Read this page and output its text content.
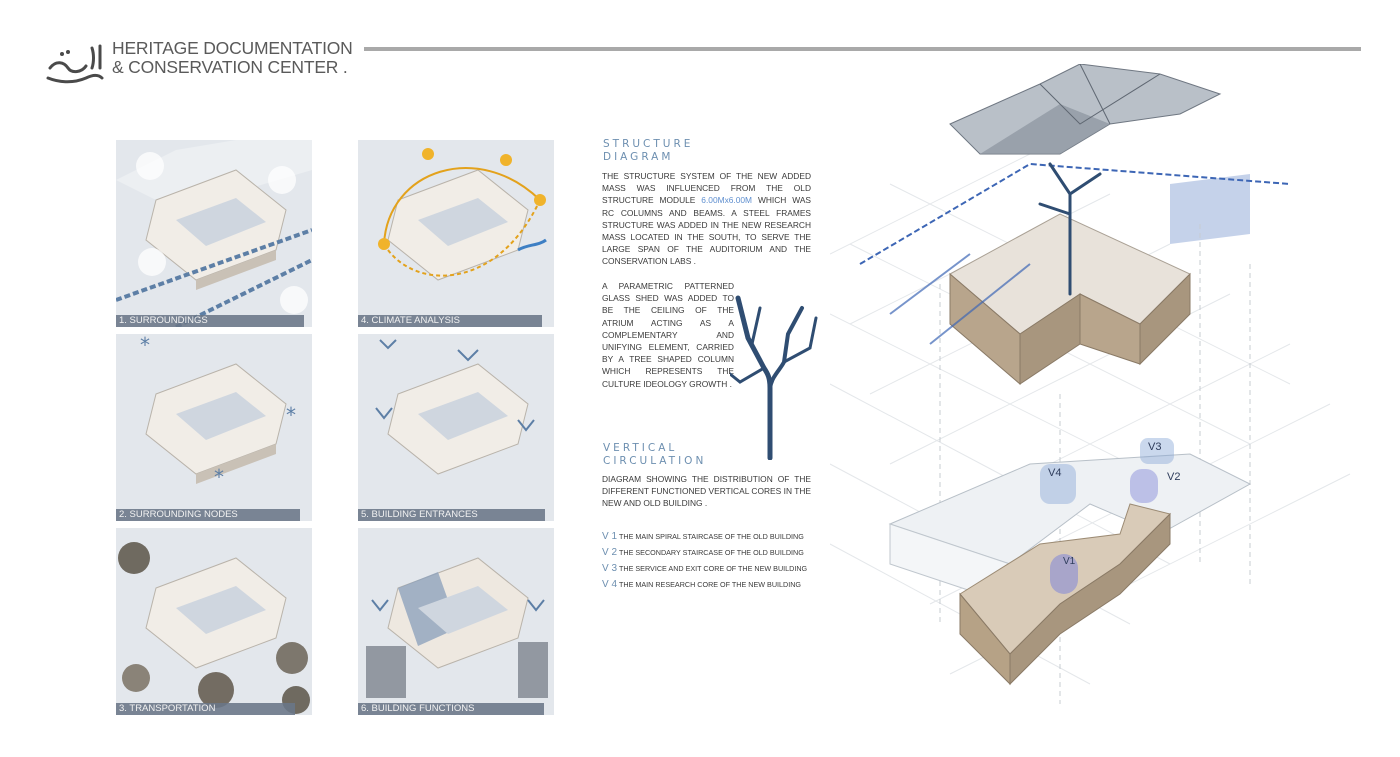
HERITAGE DOCUMENTATION
& CONSERVATION CENTER .
1. SURROUNDINGS
*
*
*
2. SURROUNDING NODES
3. TRANSPORTATION
4. CLIMATE ANALYSIS
5. BUILDING ENTRANCES
6. BUILDING FUNCTIONS
STRUCTURE
DIAGRAM
THE STRUCTURE SYSTEM OF THE NEW ADDED MASS WAS INFLUENCED FROM THE OLD STRUCTURE MODULE 6.00Mx6.00M WHICH WAS RC COLUMNS AND BEAMS. A STEEL FRAMES STRUCTURE WAS ADDED IN THE NEW RESEARCH MASS LOCATED IN THE SOUTH, TO SERVE THE LARGE SPAN OF THE AUDITORIUM AND THE CONSERVATION LABS .
A PARAMETRIC PATTERNED GLASS SHED WAS ADDED TO BE THE CEILING OF THE ATRIUM ACTING AS A COMPLEMENTARY AND UNIFYING ELEMENT, CARRIED BY A TREE SHAPED COLUMN WHICH REPRESENTS THE CULTURE IDEOLOGY GROWTH .
VERTICAL
CIRCULATION
DIAGRAM SHOWING THE DISTRIBUTION OF THE DIFFERENT FUNCTIONED VERTICAL CORES IN THE NEW AND OLD BUILDING .
V 1 THE MAIN SPIRAL STAIRCASE OF THE OLD BUILDING
V 2 THE SECONDARY STAIRCASE OF THE OLD BUILDING
V 3 THE SERVICE AND EXIT CORE OF THE NEW BUILDING
V 4 THE MAIN RESEARCH CORE OF THE NEW BUILDING
V1
V2
V3
V4
